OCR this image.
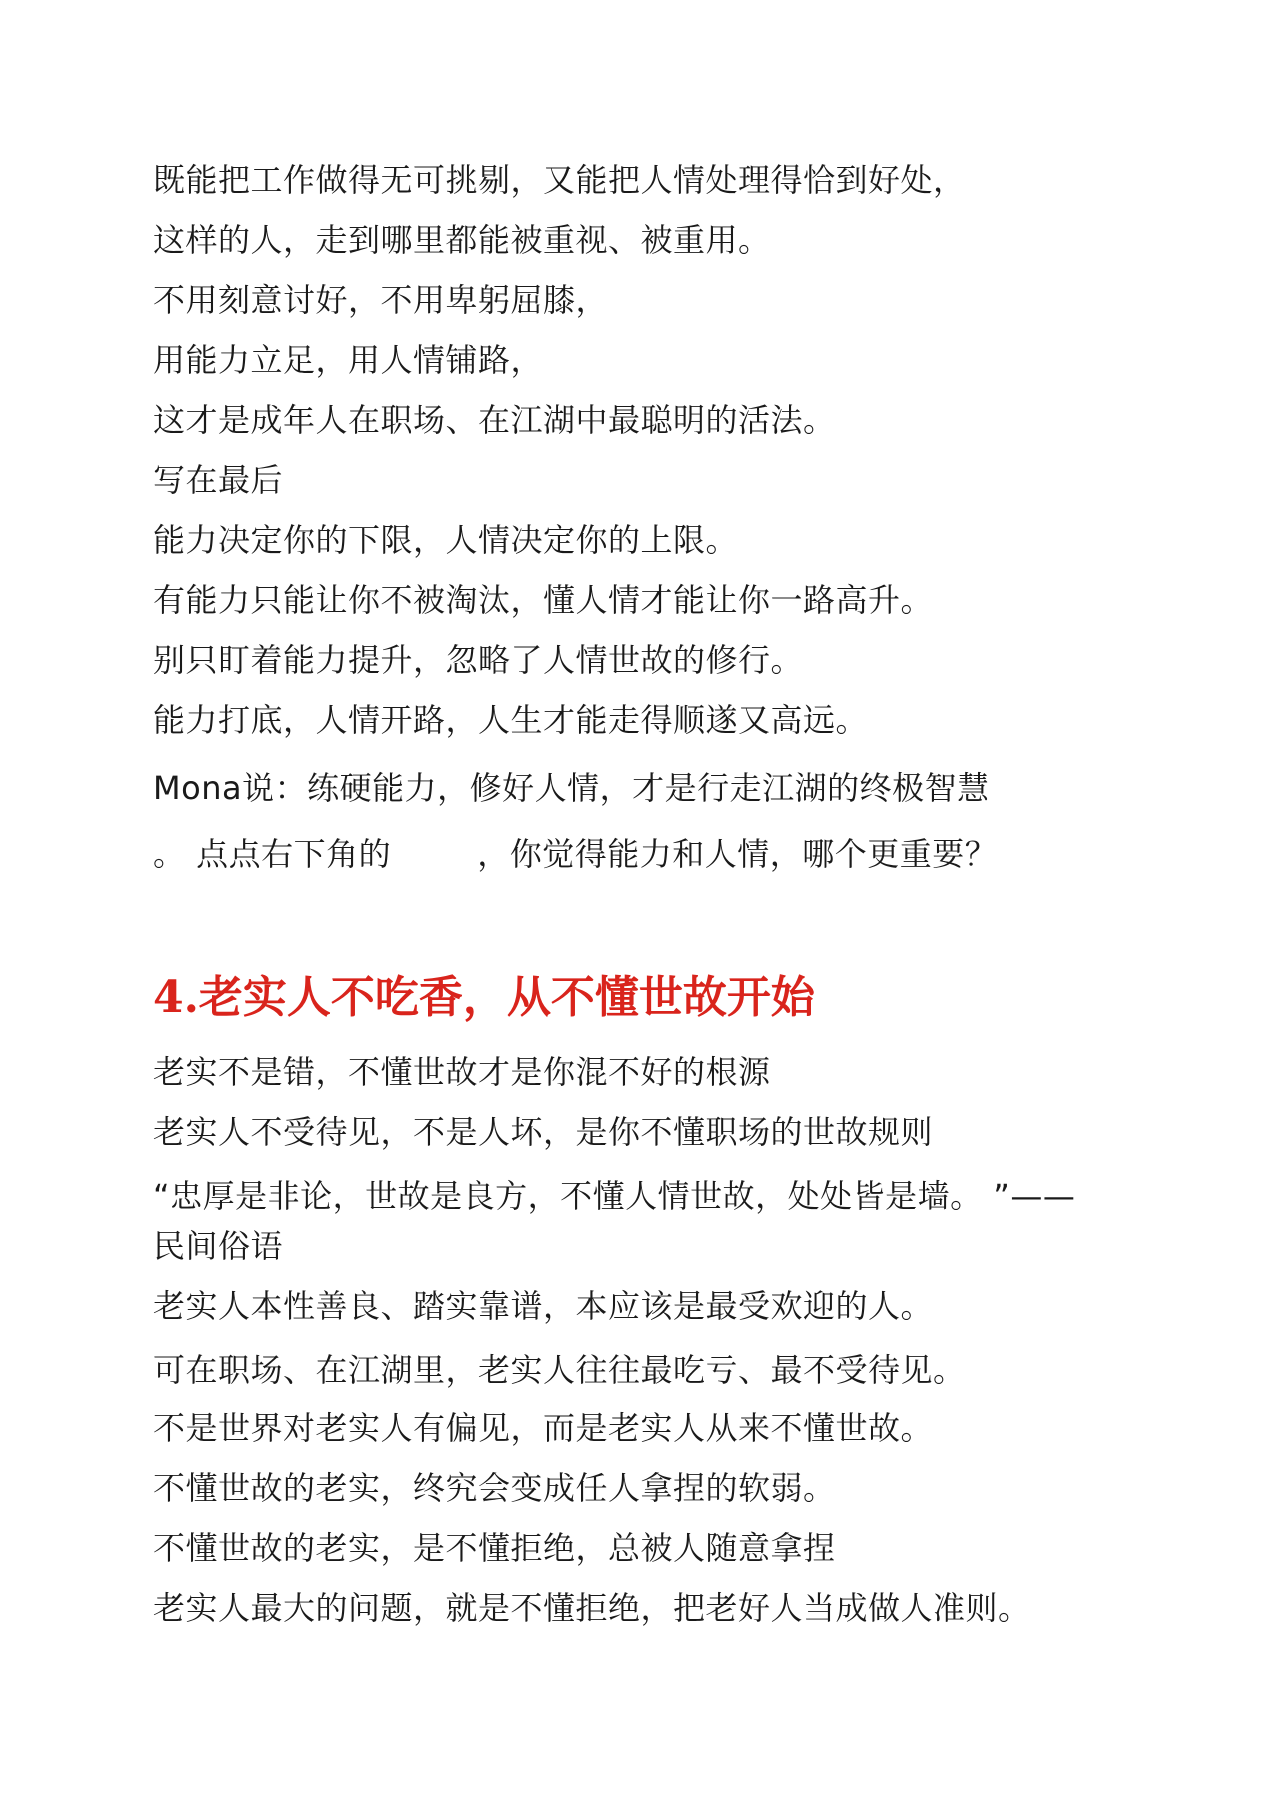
既能把工作做得无可挑剔，又能把人情处理得恰到好处，
这样的人，走到哪里都能被重视、被重用。
不用刻意讨好，不用卑躬屈膝，
用能力立足，用人情铺路，
这才是成年人在职场、在江湖中最聪明的活法。
写在最后
能力决定你的下限，人情决定你的上限。
有能力只能让你不被淘汰，懂人情才能让你一路高升。
别只盯着能力提升，忽略了人情世故的修行。
能力打底，人情开路，人生才能走得顺遂又高远。
Mona说：练硬能力，修好人情，才是行走江湖的终极智慧
。 点点右下角的	，你觉得能力和人情，哪个更重要？
4.老实人不吃香，从不懂世故开始
老实不是错，不懂世故才是你混不好的根源
老实人不受待见，不是人坏，是你不懂职场的世故规则
“忠厚是非论，世故是良方，不懂人情世故，处处皆是墙。 ”——
民间俗语
老实人本性善良、踏实靠谱，本应该是最受欢迎的人。
可在职场、在江湖里，老实人往往最吃亏、最不受待见。
不是世界对老实人有偏见，而是老实人从来不懂世故。
不懂世故的老实，终究会变成任人拿捏的软弱。
不懂世故的老实，是不懂拒绝，总被人随意拿捏
老实人最大的问题，就是不懂拒绝，把老好人当成做人准则。
